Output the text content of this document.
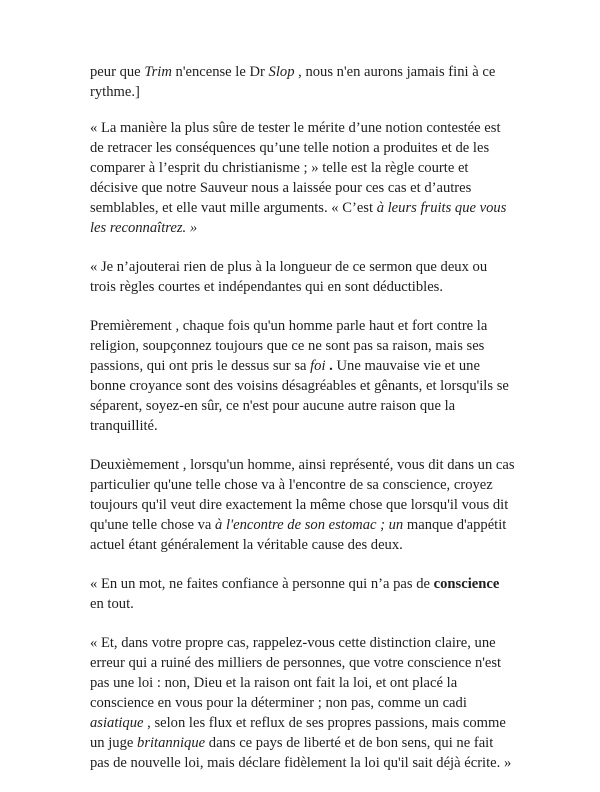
peur que Trim n'encense le Dr Slop , nous n'en aurons jamais fini à ce rythme.]

« La manière la plus sûre de tester le mérite d’une notion contestée est de retracer les conséquences qu’une telle notion a produites et de les comparer à l’esprit du christianisme ; » telle est la règle courte et décisive que notre Sauveur nous a laissée pour ces cas et d’autres semblables, et elle vaut mille arguments. « C’est à leurs fruits que vous les reconnaîtrez. »

« Je n’ajouterai rien de plus à la longueur de ce sermon que deux ou trois règles courtes et indépendantes qui en sont déductibles.

Premièrement , chaque fois qu'un homme parle haut et fort contre la religion, soupçonnez toujours que ce ne sont pas sa raison, mais ses passions, qui ont pris le dessus sur sa foi . Une mauvaise vie et une bonne croyance sont des voisins désagréables et gênants, et lorsqu'ils se séparent, soyez-en sûr, ce n'est pour aucune autre raison que la tranquillité.

Deuxièmement , lorsqu'un homme, ainsi représenté, vous dit dans un cas particulier qu'une telle chose va à l'encontre de sa conscience, croyez toujours qu'il veut dire exactement la même chose que lorsqu'il vous dit qu'une telle chose va à l'encontre de son estomac ; un manque d'appétit actuel étant généralement la véritable cause des deux.

« En un mot, ne faites confiance à personne qui n’a pas de conscience en tout.

« Et, dans votre propre cas, rappelez-vous cette distinction claire, une erreur qui a ruiné des milliers de personnes, que votre conscience n'est pas une loi : non, Dieu et la raison ont fait la loi, et ont placé la conscience en vous pour la déterminer ; non pas, comme un cadi asiatique , selon les flux et reflux de ses propres passions, mais comme un juge britannique dans ce pays de liberté et de bon sens, qui ne fait pas de nouvelle loi, mais déclare fidèlement la loi qu'il sait déjà écrite. »
